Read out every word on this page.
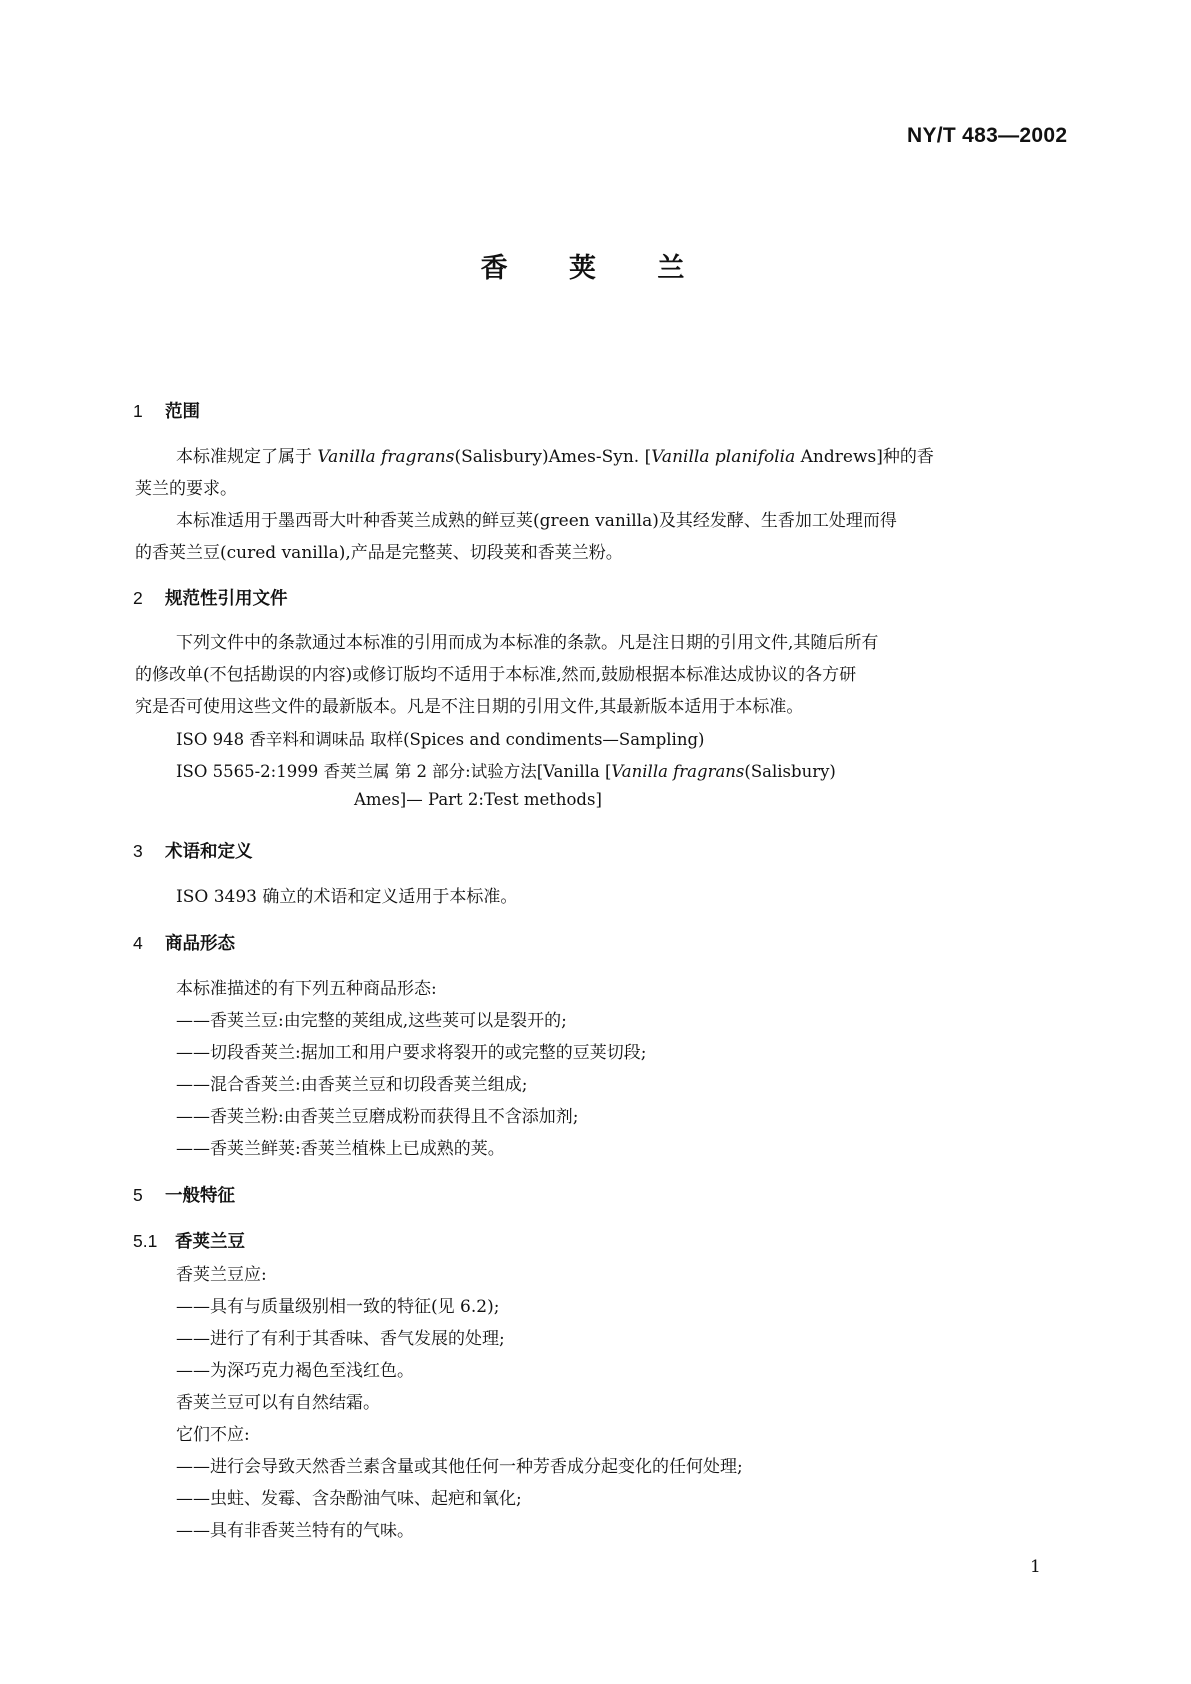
NY/T 483—2002
香 荚 兰
1 范围
本标准规定了属于 Vanilla fragrans(Salisbury)Ames-Syn. [Vanilla planifolia Andrews]种的香
荚兰的要求。
本标准适用于墨西哥大叶种香荚兰成熟的鲜豆荚(green vanilla)及其经发酵、生香加工处理而得
的香荚兰豆(cured vanilla),产品是完整荚、切段荚和香荚兰粉。
2 规范性引用文件
下列文件中的条款通过本标准的引用而成为本标准的条款。凡是注日期的引用文件,其随后所有
的修改单(不包括勘误的内容)或修订版均不适用于本标准,然而,鼓励根据本标准达成协议的各方研
究是否可使用这些文件的最新版本。凡是不注日期的引用文件,其最新版本适用于本标准。
ISO 948 香辛料和调味品 取样(Spices and condiments—Sampling)
ISO 5565-2:1999 香荚兰属 第 2 部分:试验方法[Vanilla [Vanilla fragrans(Salisbury)
Ames]— Part 2:Test methods]
3 术语和定义
ISO 3493 确立的术语和定义适用于本标准。
4 商品形态
本标准描述的有下列五种商品形态:
——香荚兰豆:由完整的荚组成,这些荚可以是裂开的;
——切段香荚兰:据加工和用户要求将裂开的或完整的豆荚切段;
——混合香荚兰:由香荚兰豆和切段香荚兰组成;
——香荚兰粉:由香荚兰豆磨成粉而获得且不含添加剂;
——香荚兰鲜荚:香荚兰植株上已成熟的荚。
5 一般特征
5.1 香荚兰豆
香荚兰豆应:
——具有与质量级别相一致的特征(见 6.2);
——进行了有利于其香味、香气发展的处理;
——为深巧克力褐色至浅红色。
香荚兰豆可以有自然结霜。
它们不应:
——进行会导致天然香兰素含量或其他任何一种芳香成分起变化的任何处理;
——虫蛀、发霉、含杂酚油气味、起疤和氧化;
——具有非香荚兰特有的气味。
1
